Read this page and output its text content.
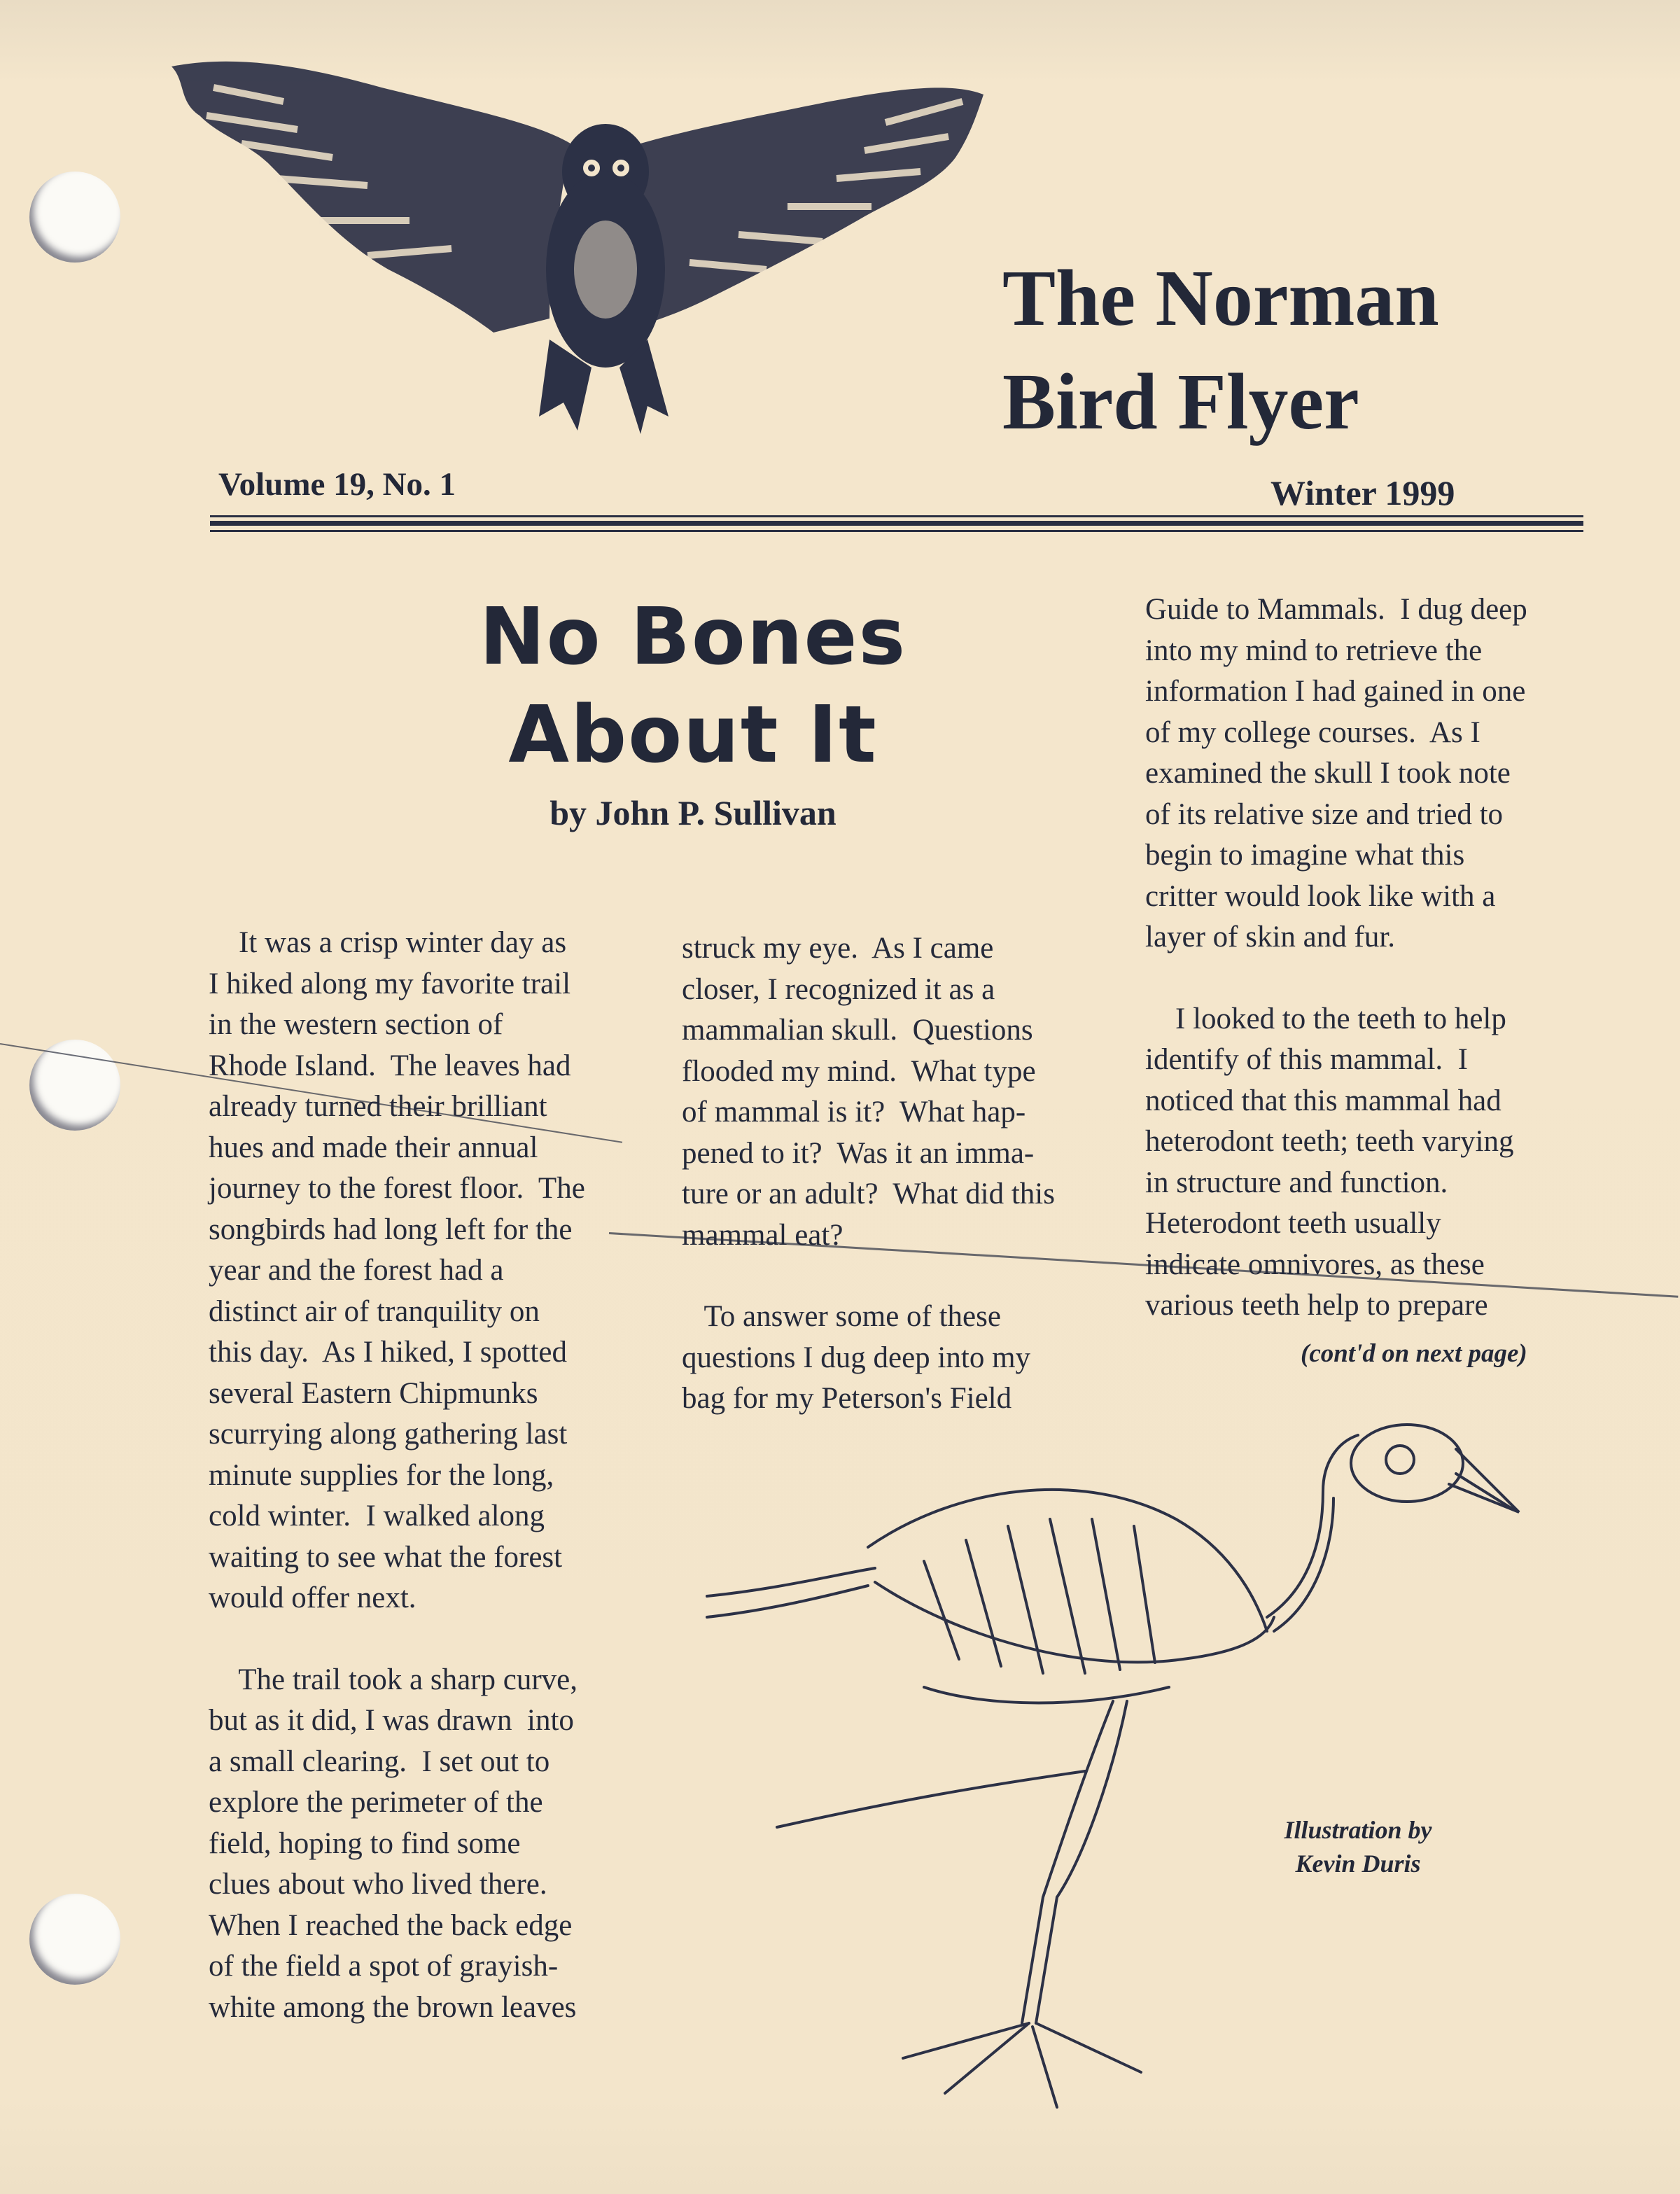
The Norman
Bird Flyer
Volume 19, No. 1	Winter 1999
No Bones
About It
by John P. Sullivan

It was a crisp winter day as

I hiked along my favorite trail

in the western section of

Rhode Island.  The leaves had

already turned their brilliant

hues and made their annual

journey to the forest floor.  The

songbirds had long left for the

year and the forest had a

distinct air of tranquility on

this day.  As I hiked, I spotted

several Eastern Chipmunks

scurrying along gathering last

minute supplies for the long,

cold winter.  I walked along

waiting to see what the forest

would offer next.

The trail took a sharp curve,

but as it did, I was drawn  into

a small clearing.  I set out to

explore the perimeter of the

field, hoping to find some

clues about who lived there.

When I reached the back edge

of the field a spot of grayish-

white among the brown leaves

struck my eye.  As I came

closer, I recognized it as a

mammalian skull.  Questions

flooded my mind.  What type

of mammal is it?  What hap-

pened to it?  Was it an imma-

ture or an adult?  What did this

mammal eat?

To answer some of these

questions I dug deep into my

bag for my Peterson's Field

Guide to Mammals.  I dug deep

into my mind to retrieve the

information I had gained in one

of my college courses.  As I

examined the skull I took note

of its relative size and tried to

begin to imagine what this

critter would look like with a

layer of skin and fur.

I looked to the teeth to help

identify of this mammal.  I

noticed that this mammal had

heterodont teeth; teeth varying

in structure and function.

Heterodont teeth usually

indicate omnivores, as these

various teeth help to prepare

(cont'd on next page)
Illustration by
Kevin Duris
